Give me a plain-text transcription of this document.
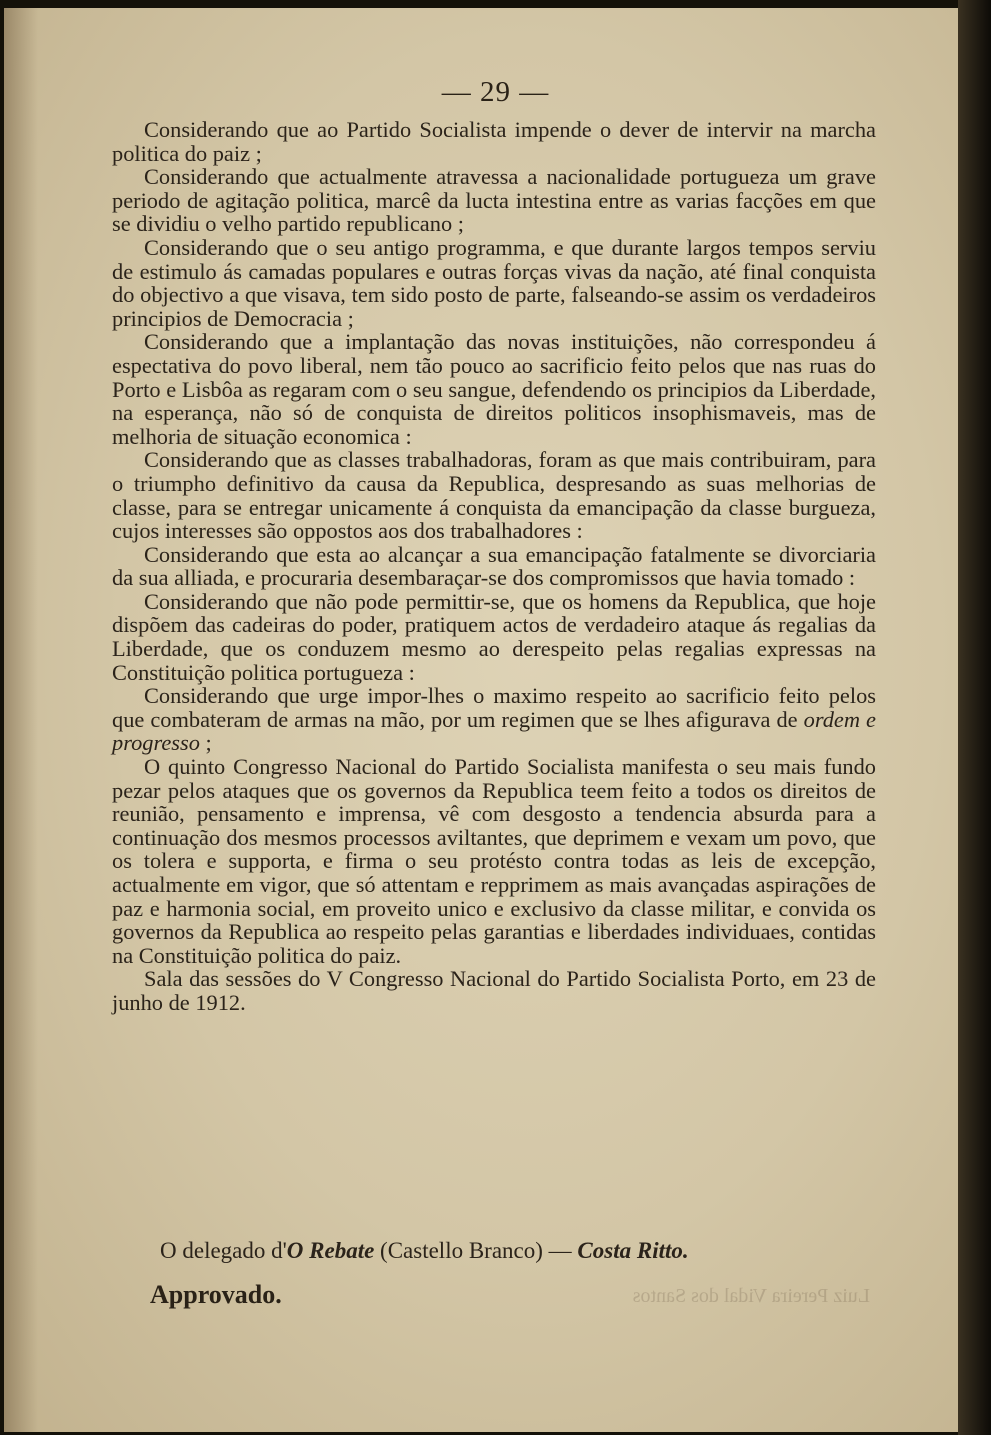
— 29 —

Considerando que ao Partido Socialista impende o dever de intervir na marcha politica do paiz ;

Considerando que actualmente atravessa a nacionalidade portugueza um grave periodo de agitação politica, marcê da lucta intestina entre as varias facções em que se dividiu o velho partido republicano ;

Considerando que o seu antigo programma, e que durante largos tempos serviu de estimulo ás camadas populares e outras forças vivas da nação, até final conquista do objectivo a que visava, tem sido posto de parte, falseando-se assim os verdadeiros principios de Democracia ;

Considerando que a implantação das novas instituições, não correspondeu á espectativa do povo liberal, nem tão pouco ao sacrificio feito pelos que nas ruas do Porto e Lisbôa as regaram com o seu sangue, defendendo os principios da Liberdade, na esperança, não só de conquista de direitos politicos insophismaveis, mas de melhoria de situação economica :

Considerando que as classes trabalhadoras, foram as que mais contribuiram, para o triumpho definitivo da causa da Republica, despresando as suas melhorias de classe, para se entregar unicamente á conquista da emancipação da classe burgueza, cujos interesses são oppostos aos dos trabalhadores :

Considerando que esta ao alcançar a sua emancipação fatalmente se divorciaria da sua alliada, e procuraria desembaraçar-se dos compromissos que havia tomado :

Considerando que não pode permittir-se, que os homens da Republica, que hoje dispõem das cadeiras do poder, pratiquem actos de verdadeiro ataque ás regalias da Liberdade, que os conduzem mesmo ao derespeito pelas regalias expressas na Constituição politica portugueza :

Considerando que urge impor-lhes o maximo respeito ao sacrificio feito pelos que combateram de armas na mão, por um regimen que se lhes afigurava de ordem e progresso ;

O quinto Congresso Nacional do Partido Socialista manifesta o seu mais fundo pezar pelos ataques que os governos da Republica teem feito a todos os direitos de reunião, pensamento e imprensa, vê com desgosto a tendencia absurda para a continuação dos mesmos processos aviltantes, que deprimem e vexam um povo, que os tolera e supporta, e firma o seu protésto contra todas as leis de excepção, actualmente em vigor, que só attentam e repprimem as mais avançadas aspirações de paz e harmonia social, em proveito unico e exclusivo da classe militar, e convida os governos da Republica ao respeito pelas garantias e liberdades individuaes, contidas na Constituição politica do paiz.

Sala das sessões do V Congresso Nacional do Partido Socialista Porto, em 23 de junho de 1912.

O delegado d'O Rebate (Castello Branco) — Costa Ritto.
Approvado.	Luiz Pereira Vidal dos Santos
